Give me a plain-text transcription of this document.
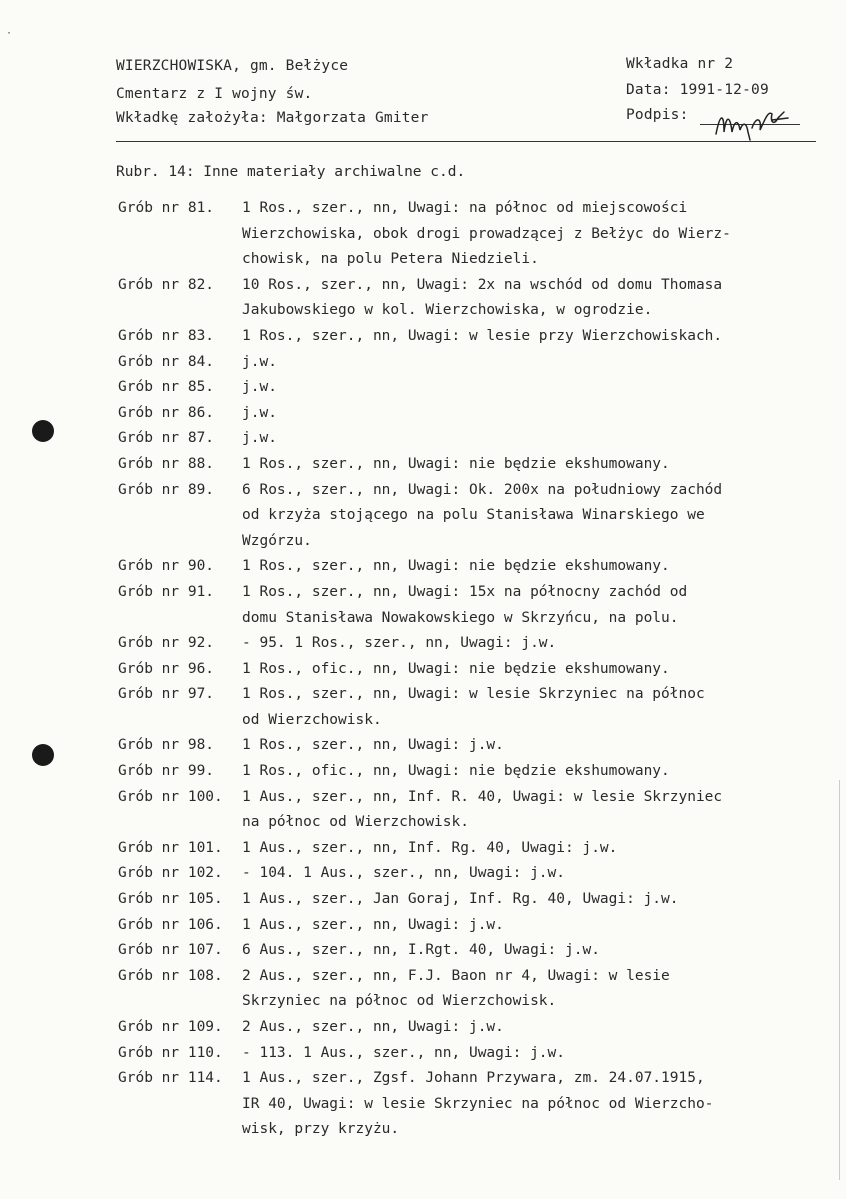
WIERZCHOWISKA, gm. Bełżyce
Cmentarz z I wojny św.
Wkładkę założyła: Małgorzata Gmiter
Wkładka nr 2
Data: 1991-12-09
Podpis:
Rubr. 14: Inne materiały archiwalne c.d.
Grób nr 81.	1 Ros., szer., nn, Uwagi: na północ od miejscowości
Wierzchowiska, obok drogi prowadzącej z Bełżyc do Wierz-
chowisk, na polu Petera Niedzieli.
Grób nr 82.	10 Ros., szer., nn, Uwagi: 2x na wschód od domu Thomasa
Jakubowskiego w kol. Wierzchowiska, w ogrodzie.
Grób nr 83.	1 Ros., szer., nn, Uwagi: w lesie przy Wierzchowiskach.
Grób nr 84.	j.w.
Grób nr 85.	j.w.
Grób nr 86.	j.w.
Grób nr 87.	j.w.
Grób nr 88.	1 Ros., szer., nn, Uwagi: nie będzie ekshumowany.
Grób nr 89.	6 Ros., szer., nn, Uwagi: Ok. 200x na południowy zachód
od krzyża stojącego na polu Stanisława Winarskiego we
Wzgórzu.
Grób nr 90.	1 Ros., szer., nn, Uwagi: nie będzie ekshumowany.
Grób nr 91.	1 Ros., szer., nn, Uwagi: 15x na północny zachód od
domu Stanisława Nowakowskiego w Skrzyńcu, na polu.
Grób nr 92.	- 95. 1 Ros., szer., nn, Uwagi: j.w.
Grób nr 96.	1 Ros., ofic., nn, Uwagi: nie będzie ekshumowany.
Grób nr 97.	1 Ros., szer., nn, Uwagi: w lesie Skrzyniec na północ
od Wierzchowisk.
Grób nr 98.	1 Ros., szer., nn, Uwagi: j.w.
Grób nr 99.	1 Ros., ofic., nn, Uwagi: nie będzie ekshumowany.
Grób nr 100.	1 Aus., szer., nn, Inf. R. 40, Uwagi: w lesie Skrzyniec
na północ od Wierzchowisk.
Grób nr 101.	1 Aus., szer., nn, Inf. Rg. 40, Uwagi: j.w.
Grób nr 102.	- 104. 1 Aus., szer., nn, Uwagi: j.w.
Grób nr 105.	1 Aus., szer., Jan Gorај, Inf. Rg. 40, Uwagi: j.w.
Grób nr 106.	1 Aus., szer., nn, Uwagi: j.w.
Grób nr 107.	6 Aus., szer., nn, I.Rgt. 40, Uwagi: j.w.
Grób nr 108.	2 Aus., szer., nn, F.J. Baon nr 4, Uwagi: w lesie
Skrzyniec na północ od Wierzchowisk.
Grób nr 109.	2 Aus., szer., nn, Uwagi: j.w.
Grób nr 110.	- 113. 1 Aus., szer., nn, Uwagi: j.w.
Grób nr 114.	1 Aus., szer., Zgsf. Johann Przywara, zm. 24.07.1915,
IR 40, Uwagi: w lesie Skrzyniec na północ od Wierzcho-
wisk, przy krzyżu.
·
